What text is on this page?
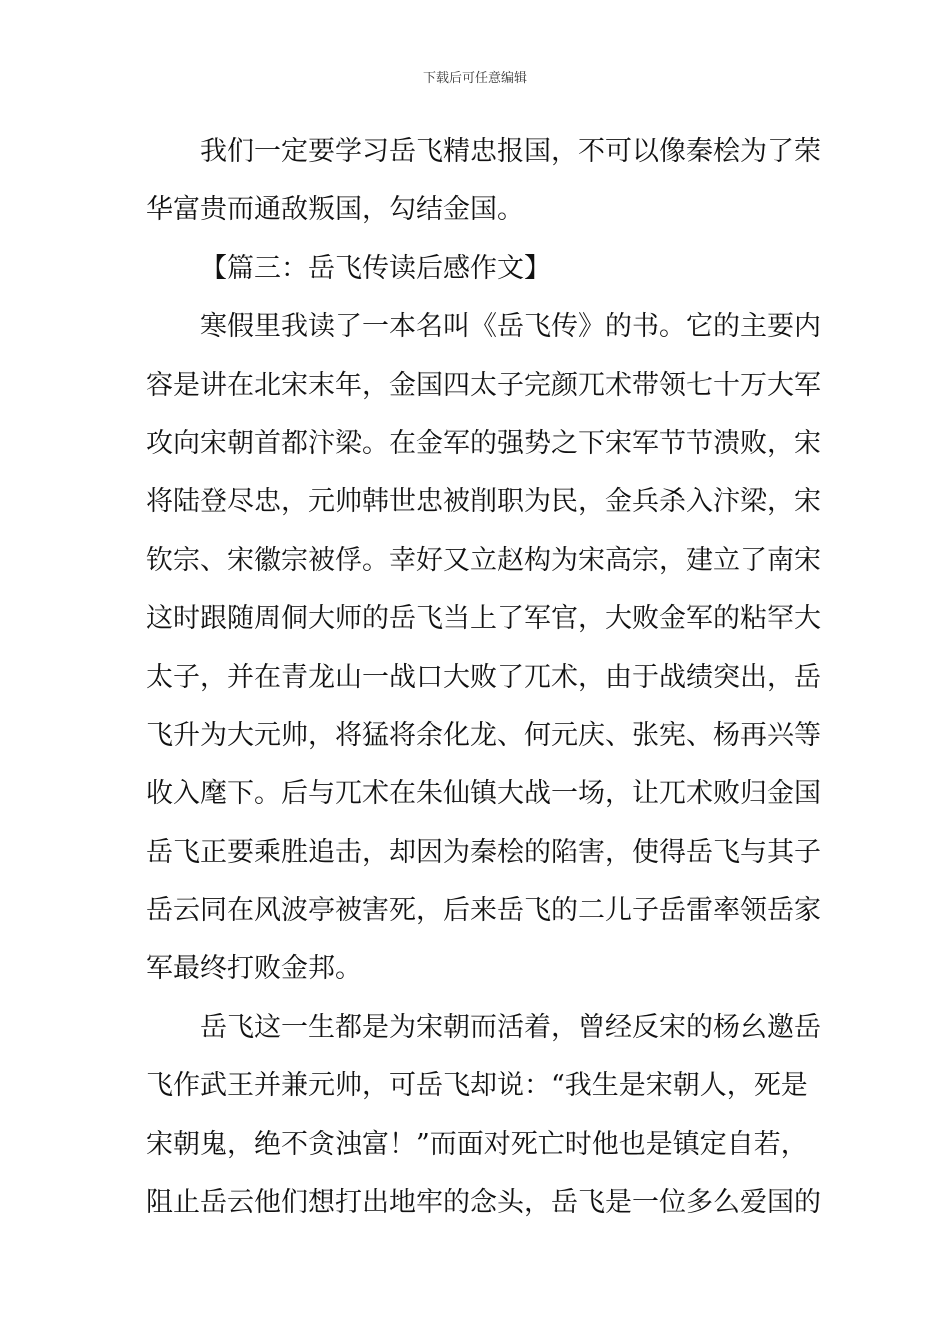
下载后可任意编辑
我们一定要学习岳飞精忠报国，不可以像秦桧为了荣
华富贵而通敌叛国，勾结金国。
【篇三：岳飞传读后感作文】
寒假里我读了一本名叫《岳飞传》的书。它的主要内
容是讲在北宋末年，金国四太子完颜兀术带领七十万大军
攻向宋朝首都汴梁。在金军的强势之下宋军节节溃败，宋
将陆登尽忠，元帅韩世忠被削职为民，金兵杀入汴梁，宋
钦宗、宋徽宗被俘。幸好又立赵构为宋高宗，建立了南宋
这时跟随周侗大师的岳飞当上了军官，大败金军的粘罕大
太子，并在青龙山一战口大败了兀术，由于战绩突出，岳
飞升为大元帅，将猛将余化龙、何元庆、张宪、杨再兴等
收入麾下。后与兀术在朱仙镇大战一场，让兀术败归金国
岳飞正要乘胜追击，却因为秦桧的陷害，使得岳飞与其子
岳云同在风波亭被害死，后来岳飞的二儿子岳雷率领岳家
军最终打败金邦。
岳飞这一生都是为宋朝而活着，曾经反宋的杨幺邀岳
飞作武王并兼元帅，可岳飞却说：“我生是宋朝人，死是
宋朝鬼，绝不贪浊富！”而面对死亡时他也是镇定自若，
阻止岳云他们想打出地牢的念头，岳飞是一位多么爱国的
